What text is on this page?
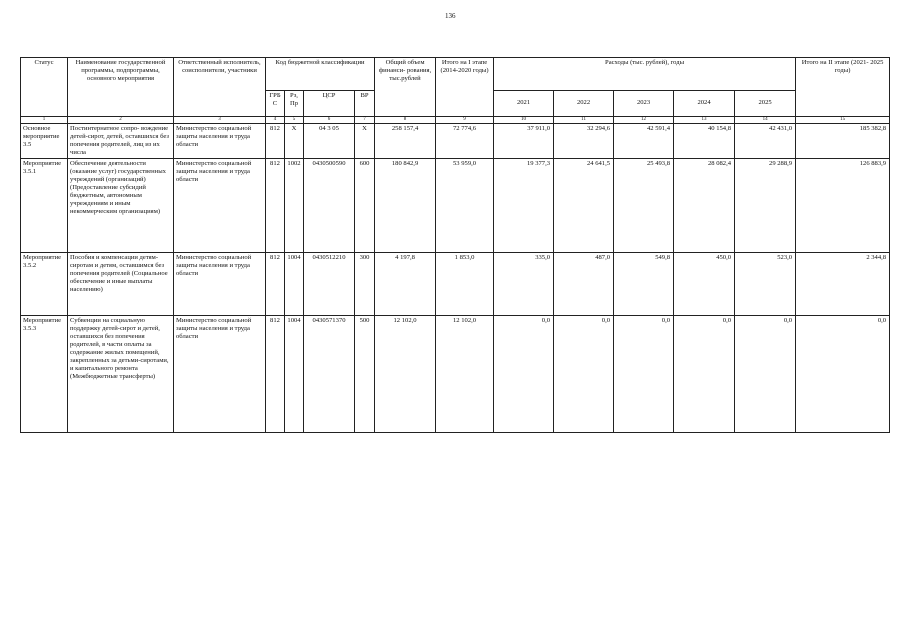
136
Статус	Наименование государственной программы, подпрограммы, основного мероприятия	Ответственный исполнитель, соисполнители, участники	Код бюджетной классификации				Общий объем финанси- рования, тыс.рублей	Итого на I этапе (2014-2020 годы)	Расходы (тыс. рублей), годы					Итого на II этапе (2021- 2025 годы)
			ГРБ С	Рз, Пр	ЦСР	ВР			2021	2022	2023	2024	2025	
1	2	3	4	5	6	7	8	9	10	11	12	13	14	15
Основное мероприятие 3.5	Постинтернатное сопро- вождение детей-сирот, детей, оставшихся без попечения родителей, лиц из их числа	Министерство социальной защиты населения и труда области	812	X	04 3 05	X	258 157,4	72 774,6	37 911,0	32 294,6	42 591,4	40 154,8	42 431,0	185 382,8
Мероприятие 3.5.1	Обеспечение деятельности (оказание услуг) государственных учреждений (организаций) (Предоставление субсидий бюджетным, автономным учреждениям и иным некоммерческим организациям)	Министерство социальной защиты населения и труда области	812	1002	0430500590	600	180 842,9	53 959,0	19 377,3	24 641,5	25 493,8	28 082,4	29 288,9	126 883,9
Мероприятие 3.5.2	Пособия и компенсации детям-сиротам и детям, оставшимся без попечения родителей (Социальное обеспечение и иные выплаты населению)	Министерство социальной защиты населения и труда области	812	1004	0430512210	300	4 197,8	1 853,0	335,0	487,0	549,8	450,0	523,0	2 344,8
Мероприятие 3.5.3	Субвенции на социальную поддержку детей-сирот и детей, оставшихся без попечения родителей, в части оплаты за содержание жилых помещений, закрепленных за детьми-сиротами, и капитального ремонта (Межбюджетные трансферты)	Министерство социальной защиты населения и труда области	812	1004	0430571370	500	12 102,0	12 102,0	0,0	0,0	0,0	0,0	0,0	0,0
